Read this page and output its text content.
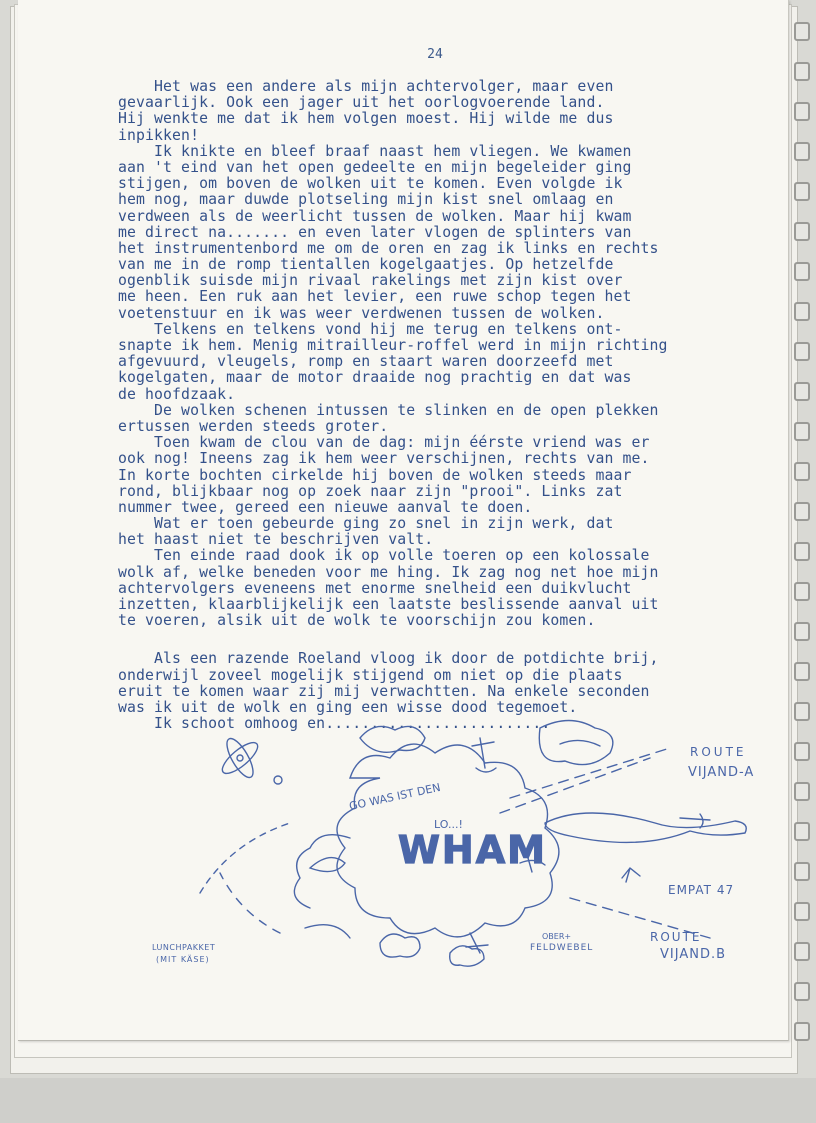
24
Het was een andere als mijn achtervolger, maar even
gevaarlijk. Ook een jager uit het oorlogvoerende land.
Hij wenkte me dat ik hem volgen moest. Hij wilde me dus
inpikken!
Ik knikte en bleef braaf naast hem vliegen. We kwamen
aan 't eind van het open gedeelte en mijn begeleider ging
stijgen, om boven de wolken uit te komen. Even volgde ik
hem nog, maar duwde plotseling mijn kist snel omlaag en
verdween als de weerlicht tussen de wolken. Maar hij kwam
me direct na....... en even later vlogen de splinters van
het instrumentenbord me om de oren en zag ik links en rechts
van me in de romp tientallen kogelgaatjes. Op hetzelfde
ogenblik suisde mijn rivaal rakelings met zijn kist over
me heen. Een ruk aan het levier, een ruwe schop tegen het
voetenstuur en ik was weer verdwenen tussen de wolken.
Telkens en telkens vond hij me terug en telkens ont-
snapte ik hem. Menig mitrailleur-roffel werd in mijn richting
afgevuurd, vleugels, romp en staart waren doorzeefd met
kogelgaten, maar de motor draaide nog prachtig en dat was
de hoofdzaak.
De wolken schenen intussen te slinken en de open plekken
ertussen werden steeds groter.
Toen kwam de clou van de dag: mijn éérste vriend was er
ook nog! Ineens zag ik hem weer verschijnen, rechts van me.
In korte bochten cirkelde hij boven de wolken steeds maar
rond, blijkbaar nog op zoek naar zijn "prooi". Links zat
nummer twee, gereed een nieuwe aanval te doen.
Wat er toen gebeurde ging zo snel in zijn werk, dat
het haast niet te beschrijven valt.
Ten einde raad dook ik op volle toeren op een kolossale
wolk af, welke beneden voor me hing. Ik zag nog net hoe mijn
achtervolgers eveneens met enorme snelheid een duikvlucht
inzetten, klaarblijkelijk een laatste beslissende aanval uit
te voeren, alsik uit de wolk te voorschijn zou komen.
Als een razende Roeland vloog ik door de potdichte brij,
onderwijl zoveel mogelijk stijgend om niet op die plaats
eruit te komen waar zij mij verwachtten. Na enkele seconden
was ik uit de wolk en ging een wisse dood tegemoet.
Ik schoot omhoog en.........................
WHAM
GO WAS IST DEN
LO...!
ROUTE
VIJAND-A
ROUTE
VIJAND.B
LUNCHPAKKET
(MIT KÄSE)
OBER+
FELDWEBEL
EMPAT 47
